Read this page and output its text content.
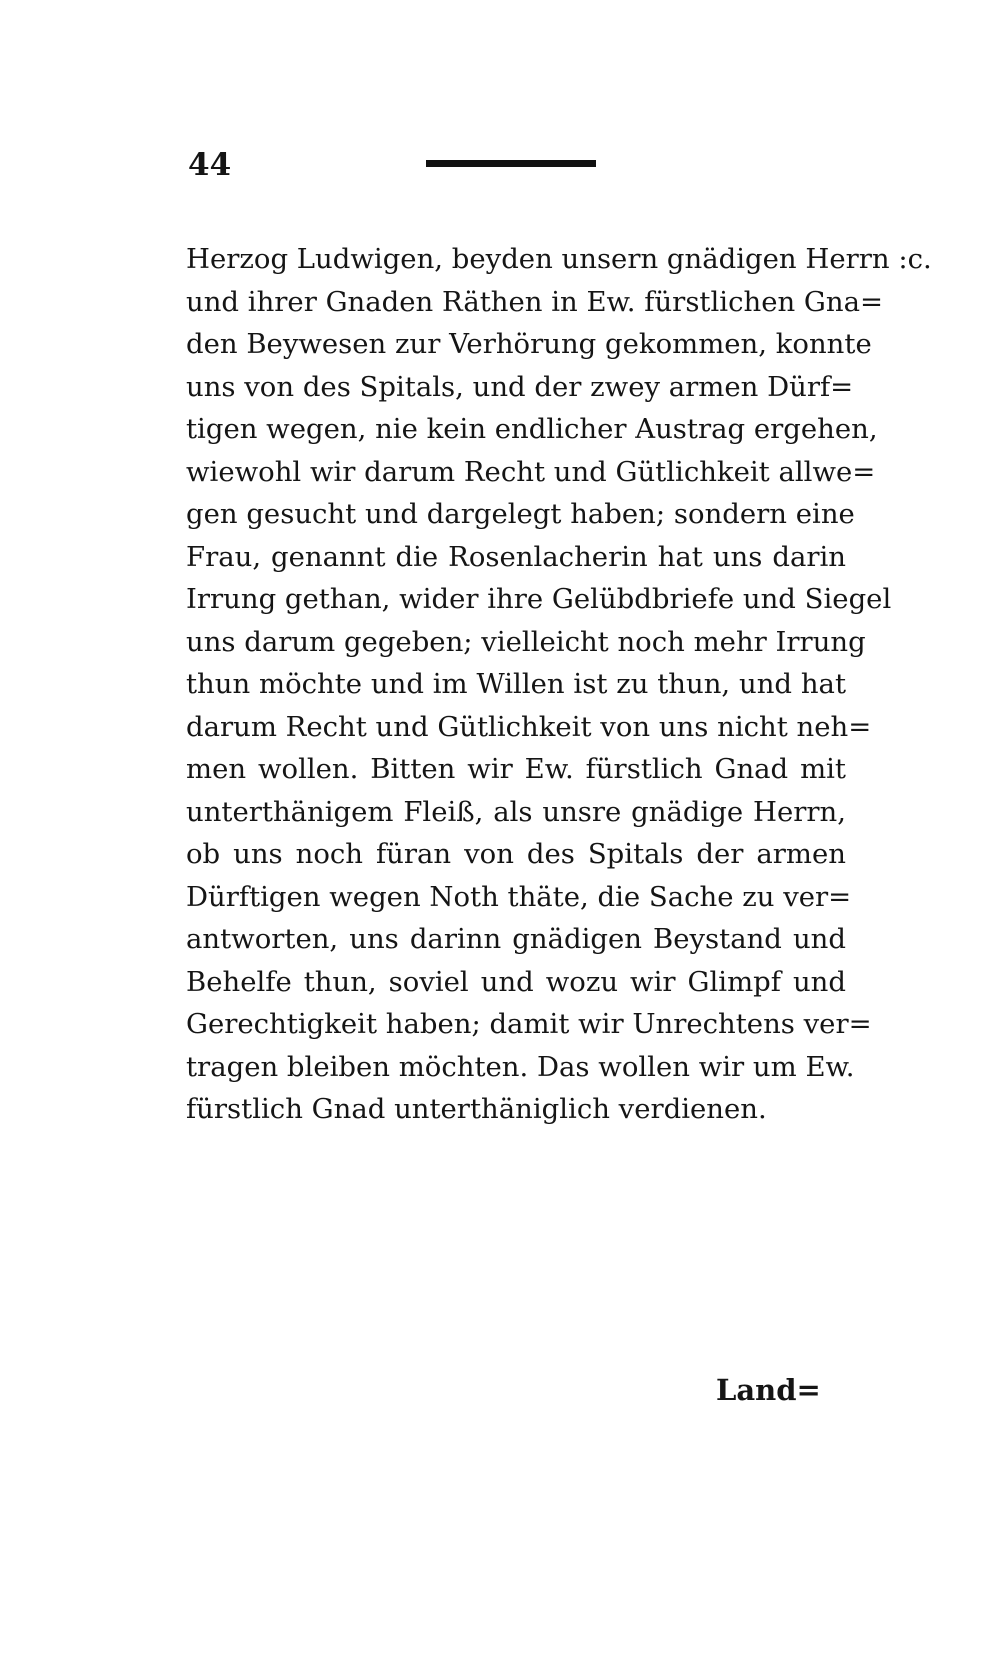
44
Herzog Ludwigen, beyden unsern gnädigen Herrn :c.
und ihrer Gnaden Räthen in Ew. fürstlichen Gna=
den Beywesen zur Verhörung gekommen, konnte
uns von des Spitals, und der zwey armen Dürf=
tigen wegen, nie kein endlicher Austrag ergehen,
wiewohl wir darum Recht und Gütlichkeit allwe=
gen gesucht und dargelegt haben; sondern eine
Frau, genannt die Rosenlacherin hat uns darin
Irrung gethan, wider ihre Gelübdbriefe und Siegel
uns darum gegeben; vielleicht noch mehr Irrung
thun möchte und im Willen ist zu thun, und hat
darum Recht und Gütlichkeit von uns nicht neh=
men wollen. Bitten wir Ew. fürstlich Gnad mit
unterthänigem Fleiß, als unsre gnädige Herrn,
ob uns noch füran von des Spitals der armen
Dürftigen wegen Noth thäte, die Sache zu ver=
antworten, uns darinn gnädigen Beystand und
Behelfe thun, soviel und wozu wir Glimpf und
Gerechtigkeit haben; damit wir Unrechtens ver=
tragen bleiben möchten. Das wollen wir um Ew.
fürstlich Gnad unterthäniglich verdienen.
Land=
